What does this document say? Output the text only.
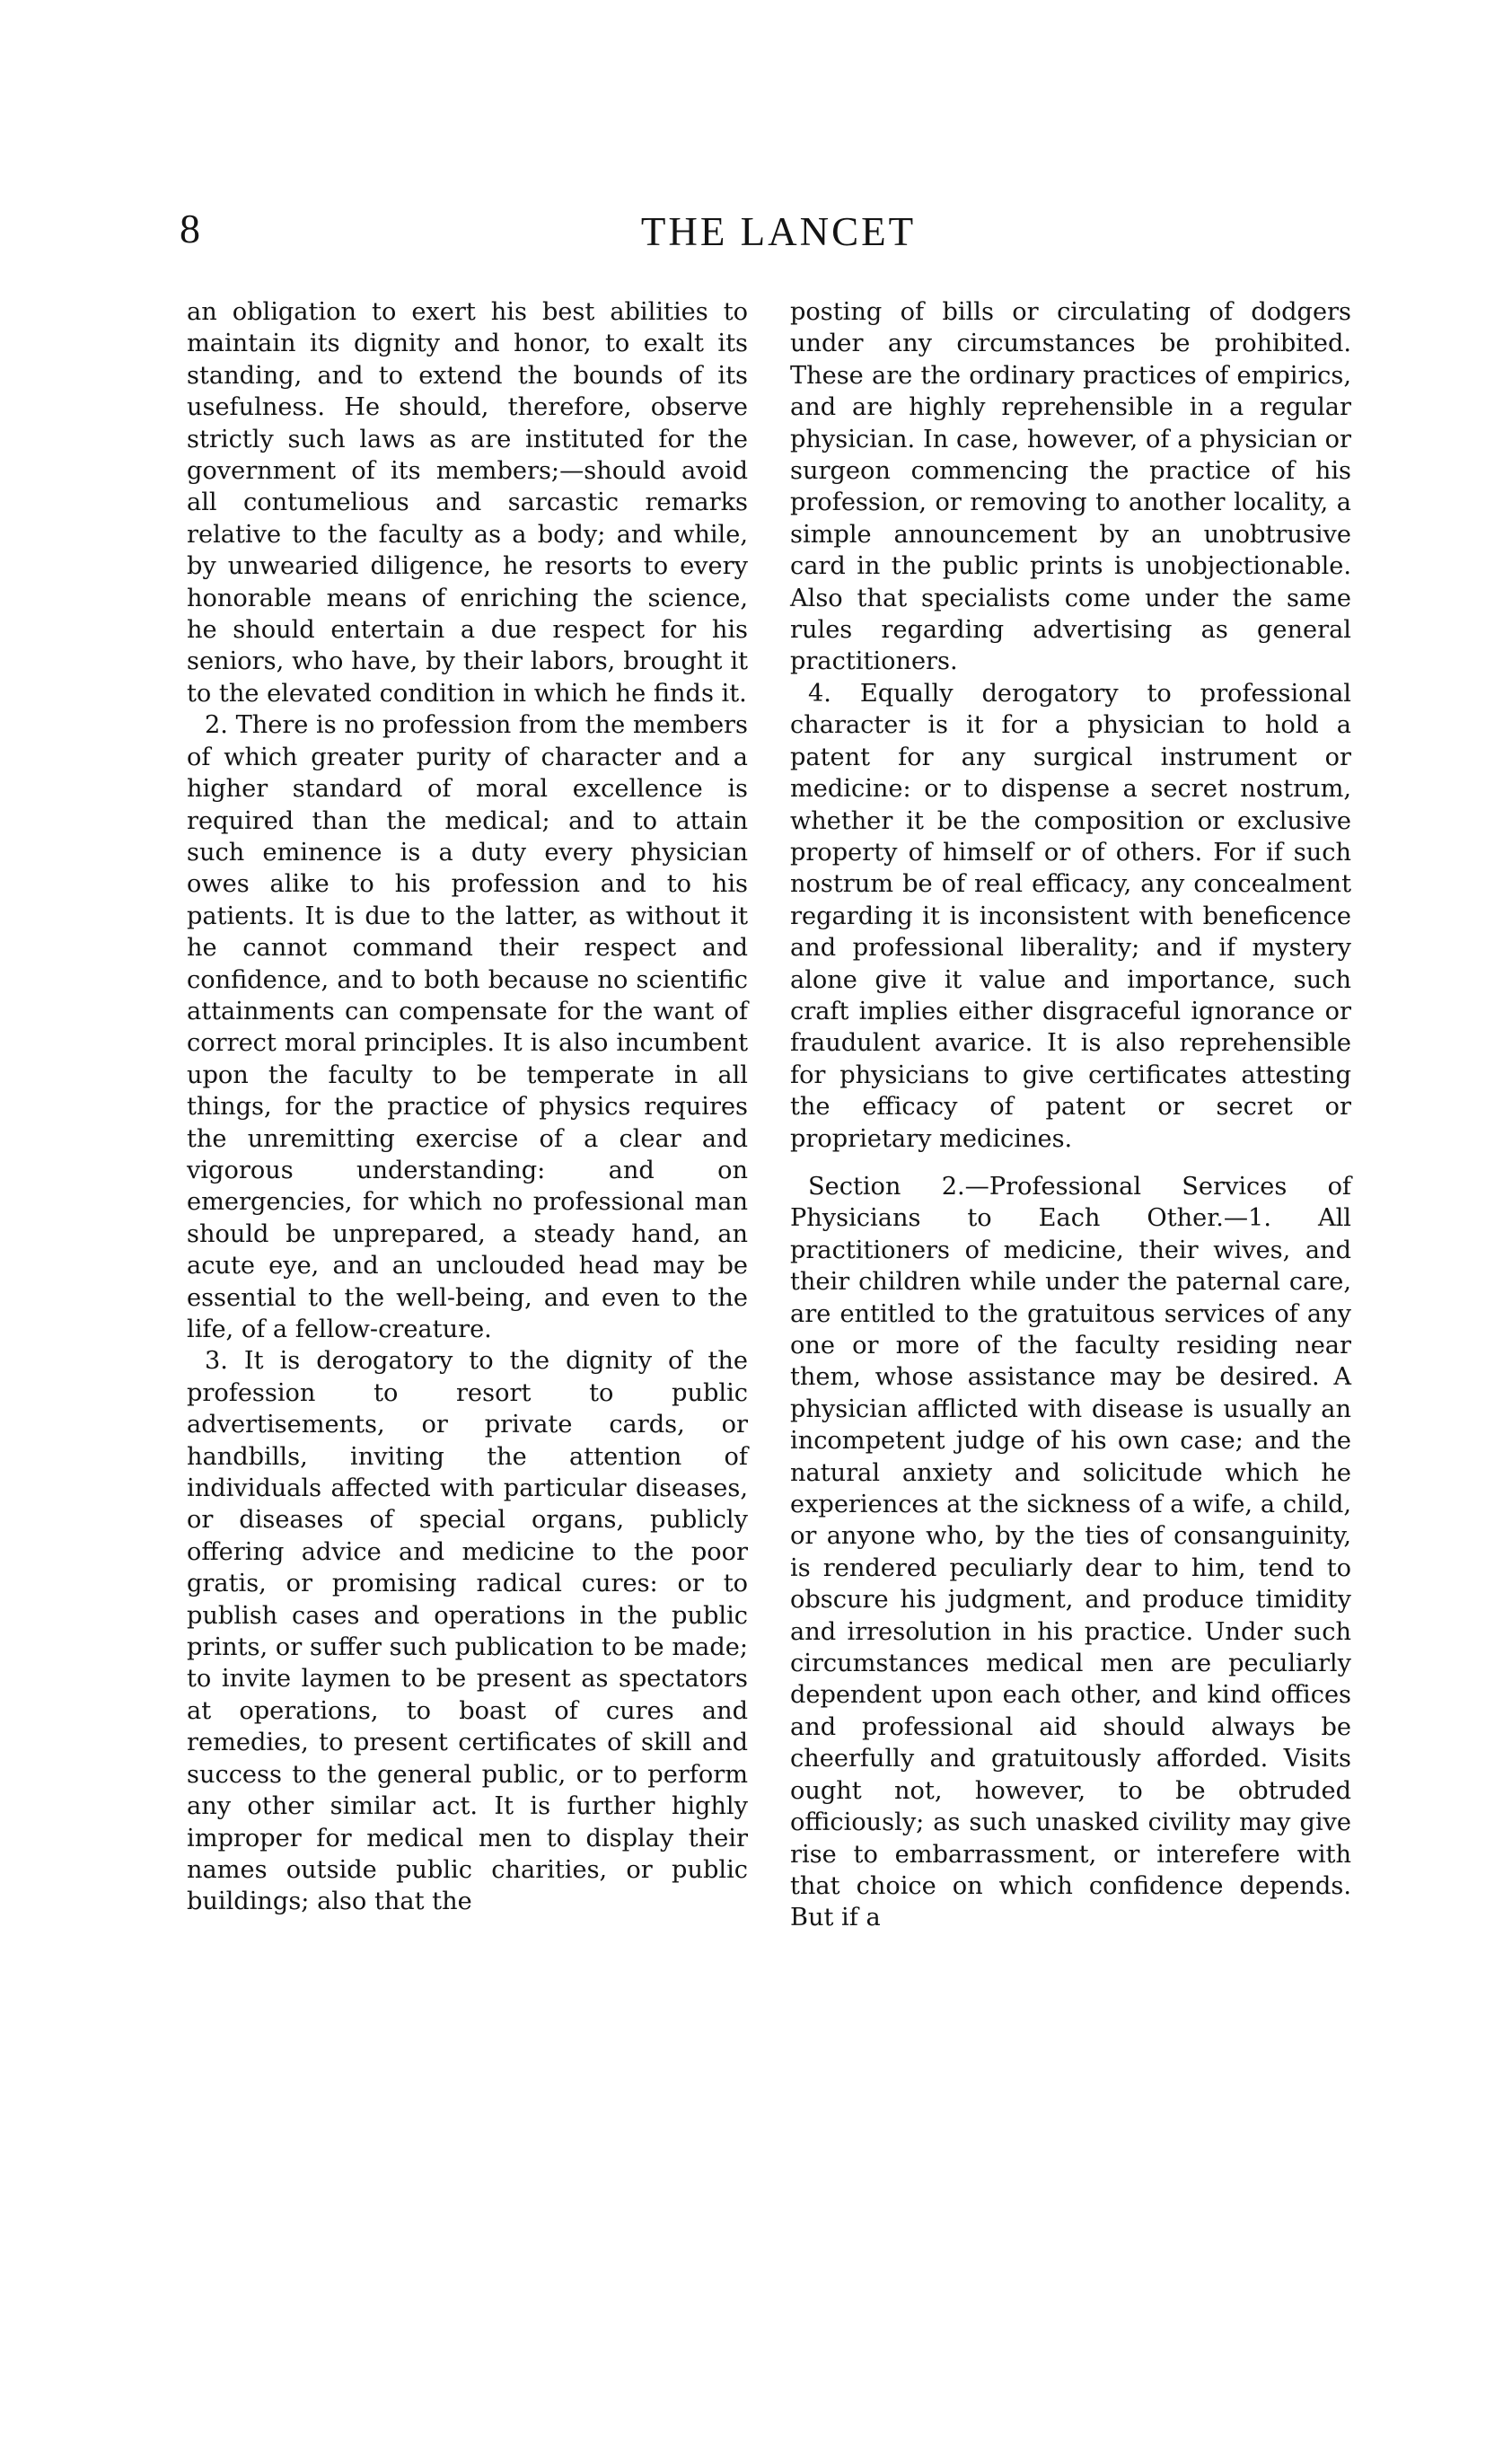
8	THE LANCET

an obligation to exert his best abilities to maintain its dignity and honor, to exalt its standing, and to extend the bounds of its usefulness. He should, therefore, observe strictly such laws as are instituted for the government of its members;—should avoid all contumelious and sarcastic remarks relative to the faculty as a body; and while, by unwearied diligence, he resorts to every honorable means of enriching the science, he should entertain a due respect for his seniors, who have, by their labors, brought it to the elevated condition in which he finds it.

2. There is no profession from the members of which greater purity of character and a higher standard of moral excellence is required than the medical; and to attain such eminence is a duty every physician owes alike to his profession and to his patients. It is due to the latter, as without it he cannot command their respect and confidence, and to both because no scientific attainments can compensate for the want of correct moral principles. It is also incumbent upon the faculty to be temperate in all things, for the practice of physics requires the unremitting exercise of a clear and vigorous understanding: and on emergencies, for which no professional man should be unprepared, a steady hand, an acute eye, and an unclouded head may be essential to the well-being, and even to the life, of a fellow-creature.

3. It is derogatory to the dignity of the profession to resort to public advertisements, or private cards, or handbills, inviting the attention of individuals affected with particular diseases, or diseases of special organs, publicly offering advice and medicine to the poor gratis, or promising radical cures: or to publish cases and operations in the public prints, or suffer such publication to be made; to invite laymen to be present as spectators at operations, to boast of cures and remedies, to present certificates of skill and success to the general public, or to perform any other similar act. It is further highly improper for medical men to display their names outside public charities, or public buildings; also that the

posting of bills or circulating of dodgers under any circumstances be prohibited. These are the ordinary practices of empirics, and are highly reprehensible in a regular physician. In case, however, of a physician or surgeon commencing the practice of his profession, or removing to another locality, a simple announcement by an unobtrusive card in the public prints is unobjectionable. Also that specialists come under the same rules regarding advertising as general practitioners.

4. Equally derogatory to professional character is it for a physician to hold a patent for any surgical instrument or medicine: or to dispense a secret nostrum, whether it be the composition or exclusive property of himself or of others. For if such nostrum be of real efficacy, any concealment regarding it is inconsistent with beneficence and professional liberality; and if mystery alone give it value and importance, such craft implies either disgraceful ignorance or fraudulent avarice. It is also reprehensible for physicians to give certificates attesting the efficacy of patent or secret or proprietary medicines.

Section 2.—Professional Services of Physicians to Each Other.—1. All practitioners of medicine, their wives, and their children while under the paternal care, are entitled to the gratuitous services of any one or more of the faculty residing near them, whose assistance may be desired. A physician afflicted with disease is usually an incompetent judge of his own case; and the natural anxiety and solicitude which he experiences at the sickness of a wife, a child, or anyone who, by the ties of consanguinity, is rendered peculiarly dear to him, tend to obscure his judgment, and produce timidity and irresolution in his practice. Under such circumstances medical men are peculiarly dependent upon each other, and kind offices and professional aid should always be cheerfully and gratuitously afforded. Visits ought not, however, to be obtruded officiously; as such unasked civility may give rise to embarrassment, or interefere with that choice on which confidence depends. But if a
